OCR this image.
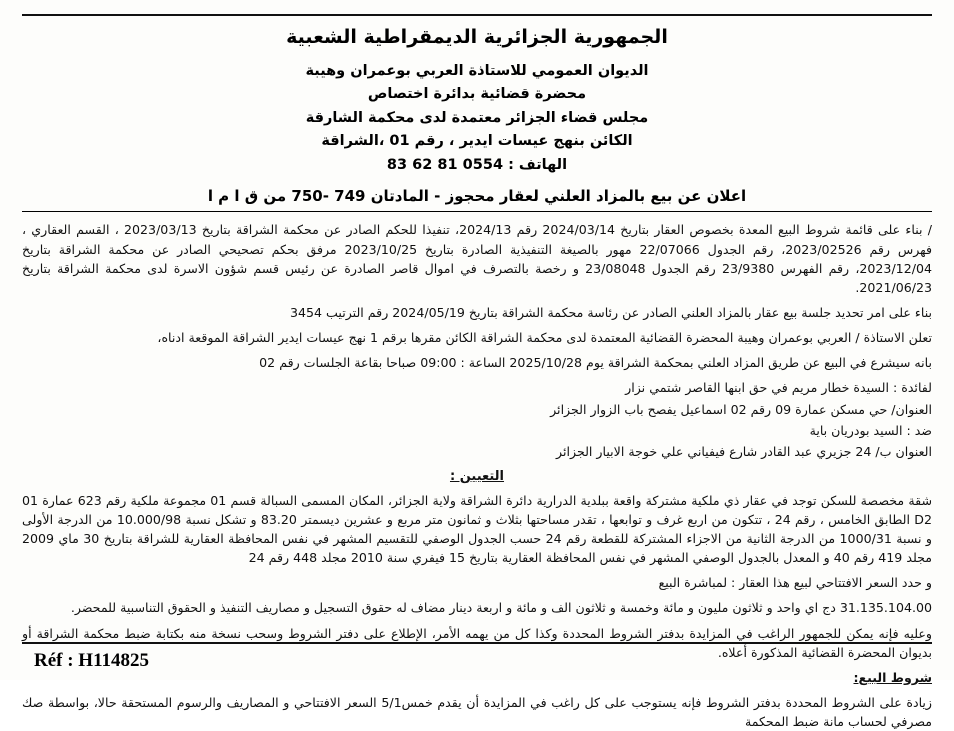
الجمهورية الجزائرية الديمقراطية الشعبية
الديوان العمومي للاستاذة العربي بوعمران وهيبة
محضرة قضائية بدائرة اختصاص
مجلس قضاء الجزائر معتمدة لدى محكمة الشارقة
الكائن بنهج عيسات ايدير ، رقم 01 ،الشراقة
الهاتف : 0554 81 62 83
اعلان عن بيع بالمزاد العلني لعقار محجوز - المادتان 749 -750 من ق ا م ا

/ بناء على قائمة شروط البيع المعدة بخصوص العقار بتاريخ 2024/03/14 رقم 2024/13، تنفيذا للحكم الصادر عن محكمة الشراقة بتاريخ 2023/03/13 ، القسم العقاري ، فهرس رقم 2023/02526، رقم الجدول 22/07066 مهور بالصيغة التنفيذية الصادرة بتاريخ 2023/10/25 مرفق بحكم تصحيحي الصادر عن محكمة الشراقة بتاريخ 2023/12/04، رقم الفهرس 23/9380 رقم الجدول 23/08048 و رخصة بالتصرف في اموال قاصر الصادرة عن رئيس قسم شؤون الاسرة لدى محكمة الشراقة بتاريخ 2021/06/23.

بناء على امر تحديد جلسة بيع عقار بالمزاد العلني الصادر عن رئاسة محكمة الشراقة بتاريخ 2024/05/19 رقم الترتيب 3454

تعلن الاستاذة / العربي بوعمران وهيبة المحضرة القضائية المعتمدة لدى محكمة الشراقة الكائن مقرها برقم 1 نهج عيسات ايدير الشراقة الموقعة ادناه،

بانه سيشرع في البيع عن طريق المزاد العلني بمحكمة الشراقة يوم 2025/10/28 الساعة : 09:00 صباحا بقاعة الجلسات رقم 02

لفائدة : السيدة خطار مريم في حق ابنها القاصر شتمي نزار

العنوان/ حي مسكن عمارة 09 رقم 02 اسماعيل يفصح باب الزوار الجزائر

ضد : السيد بودريان باية

العنوان ب/ 24 جزيري عبد القادر شارع فيفياني علي خوجة الابيار الجزائر

التعيين :

شقة مخصصة للسكن توجد في عقار ذي ملكية مشتركة واقعة ببلدية الدرارية دائرة الشراقة ولاية الجزائر، المكان المسمى السبالة قسم 01 مجموعة ملكية رقم 623 عمارة 01 D2 الطابق الخامس ، رقم 24 ، تتكون من اربع غرف و توابعها ، تقدر مساحتها بثلاث و ثمانون متر مربع و عشرين ديسمتر 83.20 و تشكل نسبة 10.000/98 من الدرجة الأولى و نسبة 1000/31 من الدرجة الثانية من الاجزاء المشتركة للقطعة رقم 24 حسب الجدول الوصفي للتقسيم المشهر في نفس المحافظة العقارية للشراقة بتاريخ 30 ماي 2009 مجلد 419 رقم 40 و المعدل بالجدول الوصفي المشهر في نفس المحافظة العقارية بتاريخ 15 فيفري سنة 2010 مجلد 448 رقم 24

و حدد السعر الافتتاحي لبيع هذا العقار : لمباشرة البيع

31.135.104.00 دج اي واحد و ثلاثون مليون و مائة وخمسة و ثلاثون الف و مائة و اربعة دينار مضاف له حقوق التسجيل و مصاريف التنفيذ و الحقوق التناسبية للمحضر.

وعليه فإنه يمكن للجمهور الراغب في المزايدة بدفتر الشروط المحددة وكذا كل من يهمه الأمر، الإطلاع على دفتر الشروط وسحب نسخة منه بكتابة ضبط محكمة الشراقة أو بديوان المحضرة القضائية المذكورة أعلاه.

شروط البيع:

زيادة على الشروط المحددة بدفتر الشروط فإنه يستوجب على كل راغب في المزايدة أن يقدم خمس5/1 السعر الافتتاحي و المصاريف والرسوم المستحقة حالا، بواسطة صك مصرفي لحساب مانة ضبط المحكمة

Réf : H114825
